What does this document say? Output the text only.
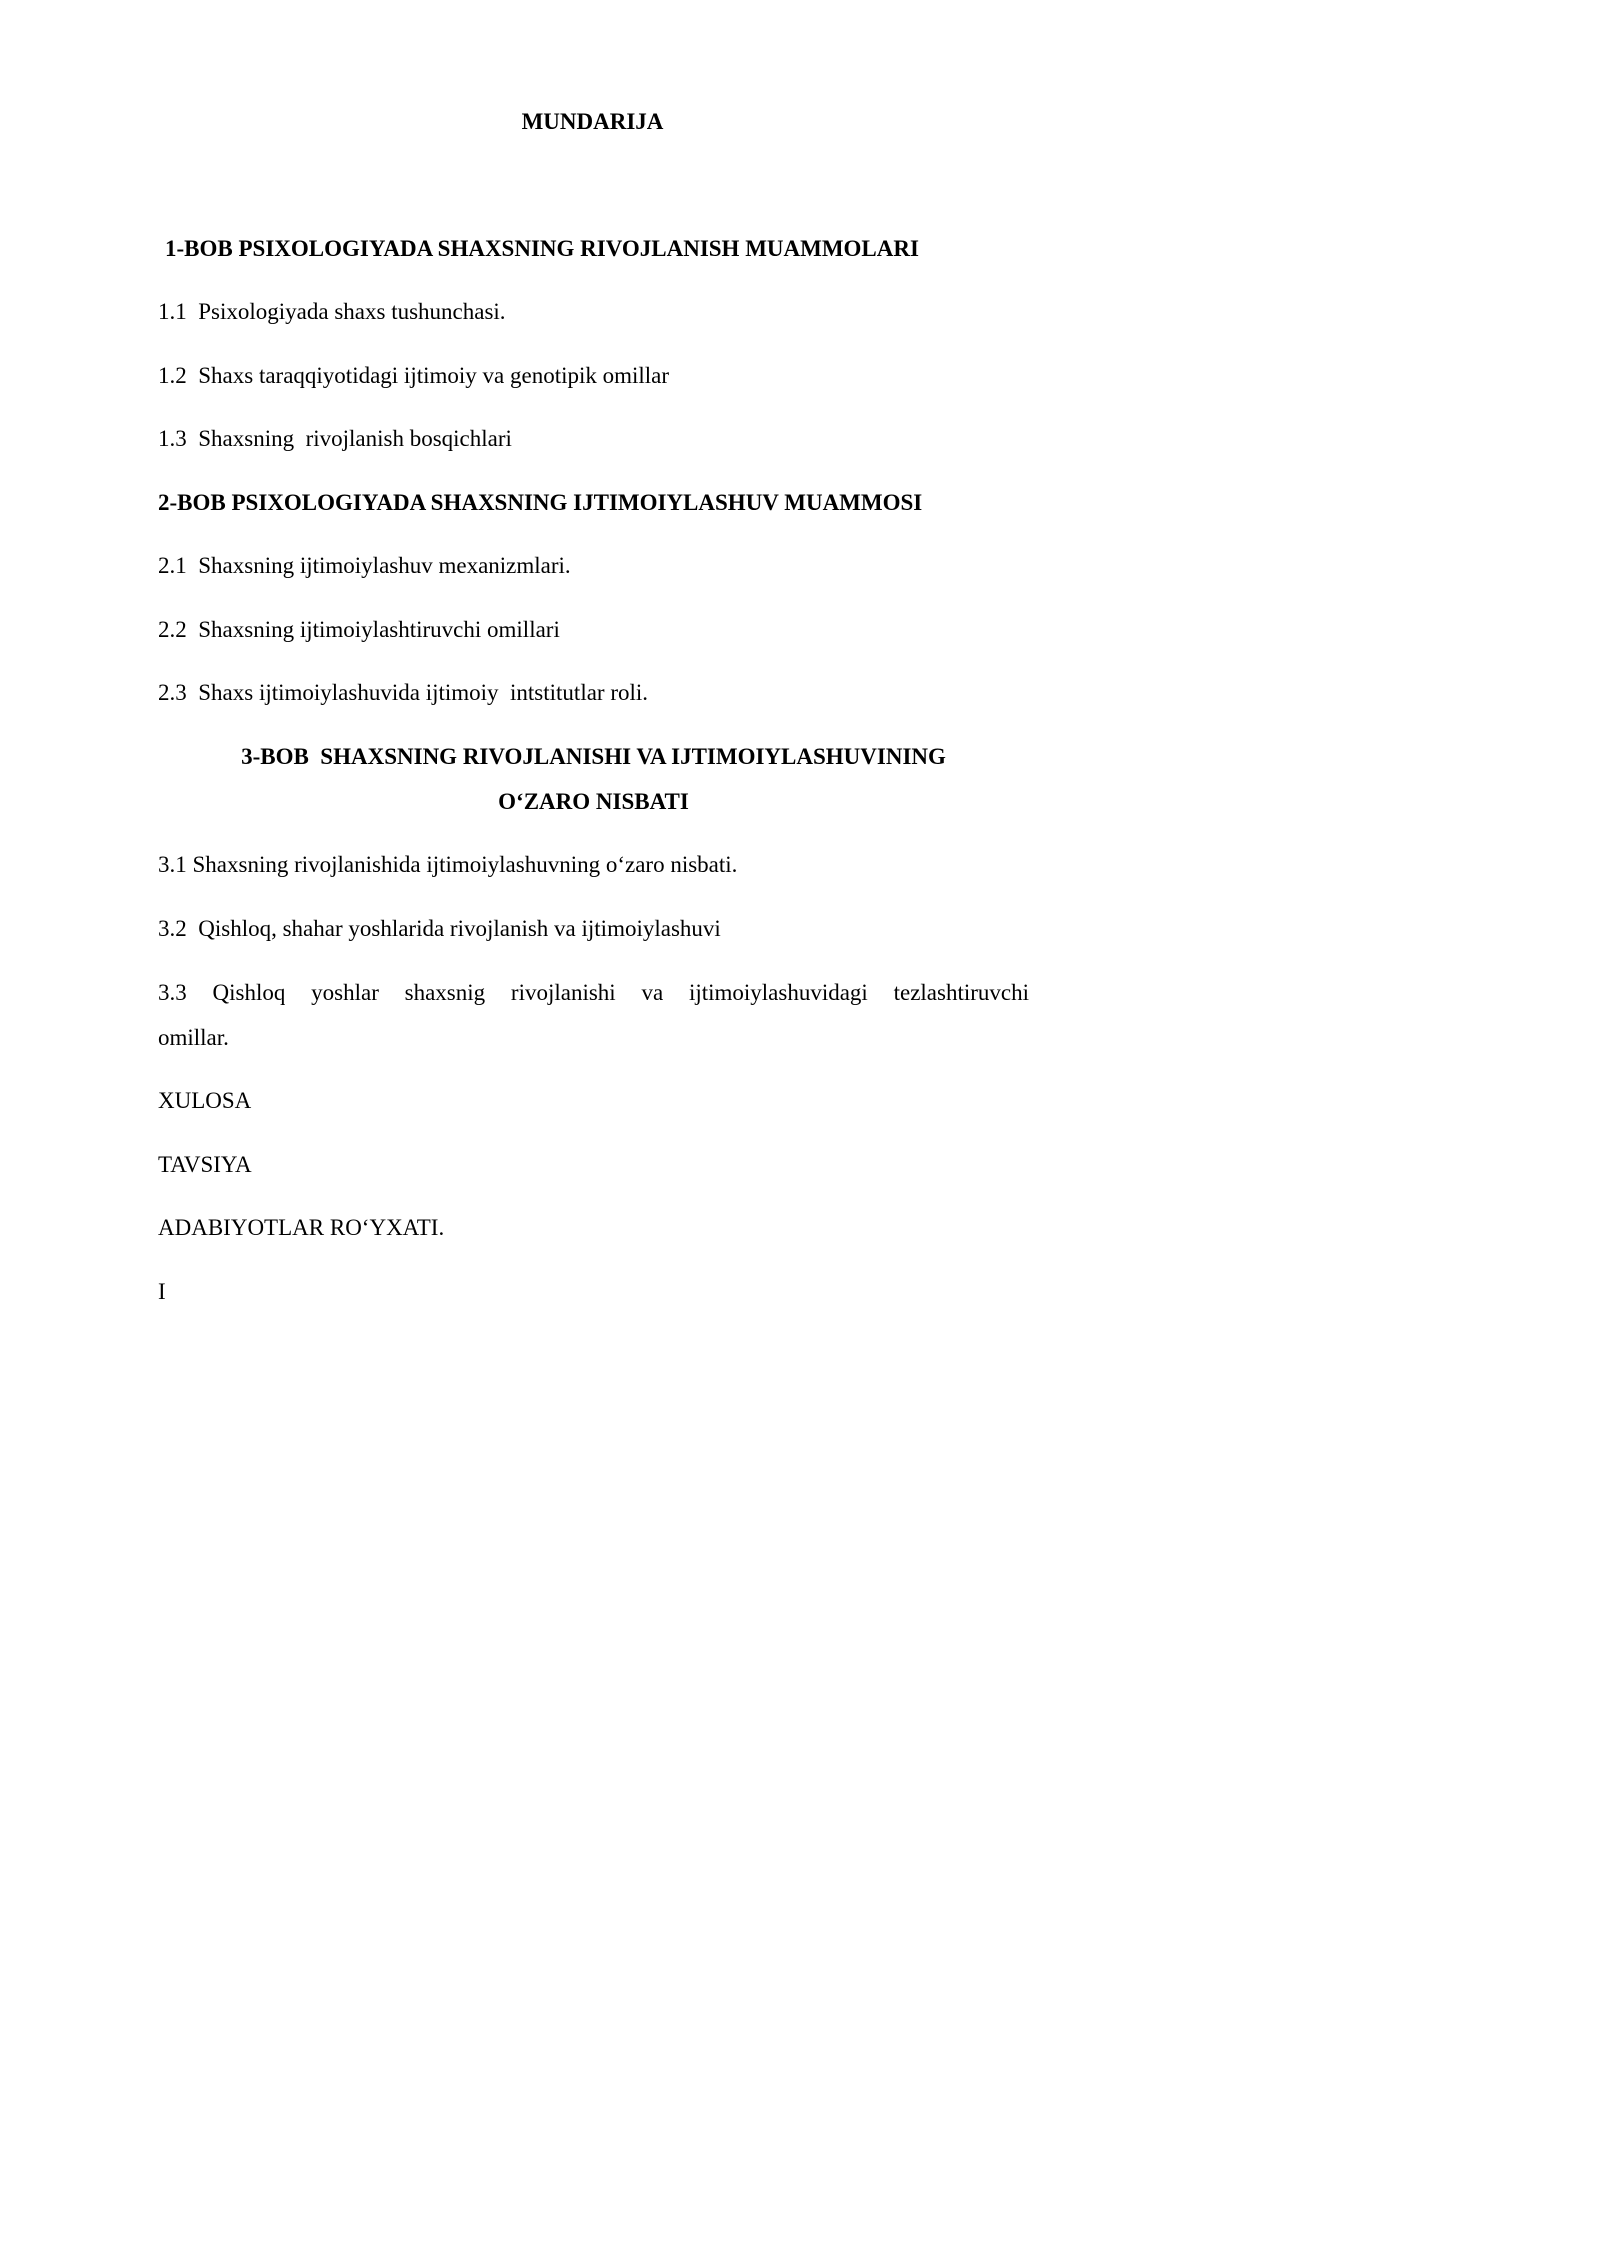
MUNDARIJA

1-BOB PSIXOLOGIYADA SHAXSNING RIVOJLANISH MUAMMOLARI

1.1  Psixologiyada shaxs tushunchasi.

1.2  Shaxs taraqqiyotidagi ijtimoiy va genotipik omillar

1.3  Shaxsning  rivojlanish bosqichlari

2-BOB PSIXOLOGIYADA SHAXSNING IJTIMOIYLASHUV MUAMMOSI

2.1  Shaxsning ijtimoiylashuv mexanizmlari.

2.2  Shaxsning ijtimoiylashtiruvchi omillari

2.3  Shaxs ijtimoiylashuvida ijtimoiy  intstitutlar roli.

3-BOB  SHAXSNING RIVOJLANISHI VA IJTIMOIYLASHUVINING

O‘ZARO NISBATI

3.1 Shaxsning rivojlanishida ijtimoiylashuvning o‘zaro nisbati.

3.2  Qishloq, shahar yoshlarida rivojlanish va ijtimoiylashuvi

3.3 Qishloq yoshlar shaxsnig rivojlanishi va ijtimoiylashuvidagi tezlashtiruvchi

omillar.

XULOSA

TAVSIYA

ADABIYOTLAR RO‘YXATI.

I
